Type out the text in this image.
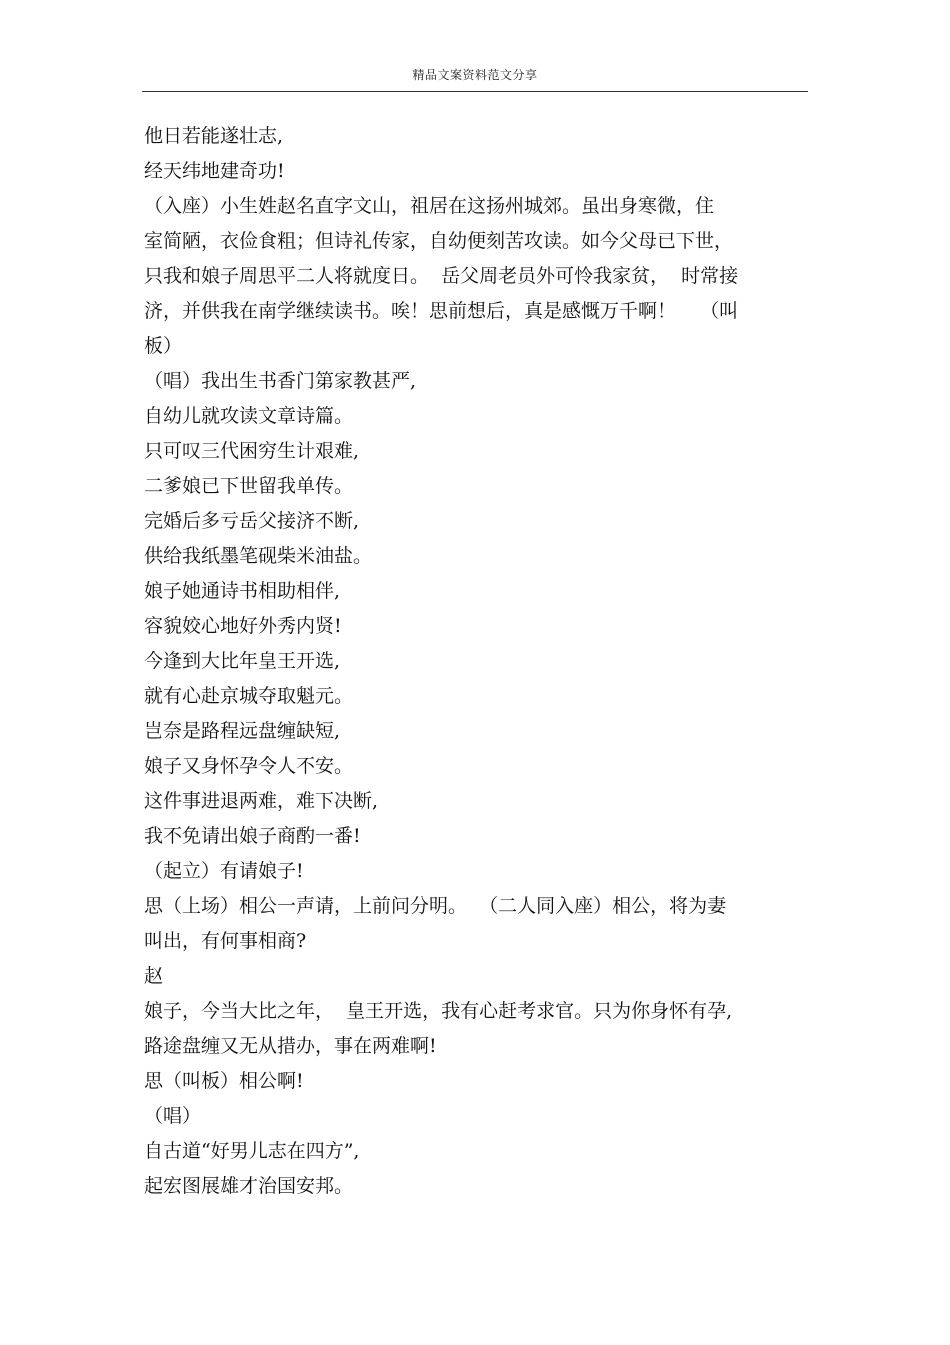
精品文案资料范文分享
他日若能遂壮志,
经天纬地建奇功!
（入座）小生姓赵名直字文山，祖居在这扬州城郊。虽出身寒微，住
室简陋，衣俭食粗；但诗礼传家，自幼便刻苦攻读。如今父母已下世，
只我和娘子周思平二人将就度日。  岳父周老员外可怜我家贫，  时常接
济，并供我在南学继续读书。唉！思前想后，真是感慨万千啊！    （叫
板）
（唱）我出生书香门第家教甚严,
自幼儿就攻读文章诗篇。
只可叹三代困穷生计艰难,
二爹娘已下世留我单传。
完婚后多亏岳父接济不断,
供给我纸墨笔砚柴米油盐。
娘子她通诗书相助相伴,
容貌姣心地好外秀内贤!
今逢到大比年皇王开选,
就有心赴京城夺取魁元。
岂奈是路程远盘缠缺短,
娘子又身怀孕令人不安。
这件事进退两难，难下决断,
我不免请出娘子商酌一番!
（起立）有请娘子!
思（上场）相公一声请，上前问分明。  （二人同入座）相公，将为妻
叫出，有何事相商?
赵
娘子，今当大比之年，  皇王开选，我有心赶考求官。只为你身怀有孕,
路途盘缠又无从措办，事在两难啊!
思（叫板）相公啊!
（唱）
自古道“好男儿志在四方”,
起宏图展雄才治国安邦。
